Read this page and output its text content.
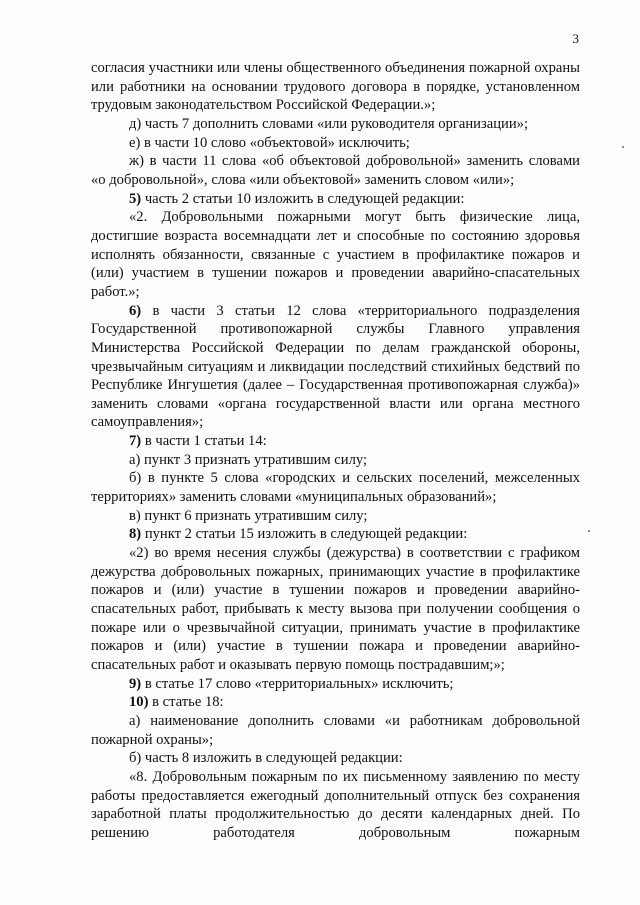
3

согласия участники или члены общественного объединения пожарной охраны или работники на основании трудового договора в порядке, установленном трудовым законодательством Российской Федерации.»;

д) часть 7 дополнить словами «или руководителя организации»;

е) в части 10 слово «объектовой» исключить;

ж) в части 11 слова «об объектовой добровольной» заменить словами «о добровольной», слова «или объектовой» заменить словом «или»;

5) часть 2 статьи 10 изложить в следующей редакции:

«2. Добровольными пожарными могут быть физические лица, достигшие возраста восемнадцати лет и способные по состоянию здоровья исполнять обязанности, связанные с участием в профилактике пожаров и (или) участием в тушении пожаров и проведении аварийно-спасательных работ.»;

6) в части 3 статьи 12 слова «территориального подразделения Государственной противопожарной службы Главного управления Министерства Российской Федерации по делам гражданской обороны, чрезвычайным ситуациям и ликвидации последствий стихийных бедствий по Республике Ингушетия (далее – Государственная противопожарная служба)» заменить словами «органа государственной власти или органа местного самоуправления»;

7) в части 1 статьи 14:

а) пункт 3 признать утратившим силу;

б) в пункте 5 слова «городских и сельских поселений, межселенных территориях» заменить словами «муниципальных образований»;

в) пункт 6 признать утратившим силу;

8) пункт 2 статьи 15 изложить в следующей редакции:

«2) во время несения службы (дежурства) в соответствии с графиком дежурства добровольных пожарных, принимающих участие в профилактике пожаров и (или) участие в тушении пожаров и проведении аварийно-спасательных работ, прибывать к месту вызова при получении сообщения о пожаре или о чрезвычайной ситуации, принимать участие в профилактике пожаров и (или) участие в тушении пожара и проведении аварийно-спасательных работ и оказывать первую помощь пострадавшим;»;

9) в статье 17 слово «территориальных» исключить;

10) в статье 18:

а) наименование дополнить словами «и работникам добровольной пожарной охраны»;

б) часть 8 изложить в следующей редакции:

«8. Добровольным пожарным по их письменному заявлению по месту работы предоставляется ежегодный дополнительный отпуск без сохранения заработной платы продолжительностью до десяти календарных дней. По решению работодателя добровольным пожарным
